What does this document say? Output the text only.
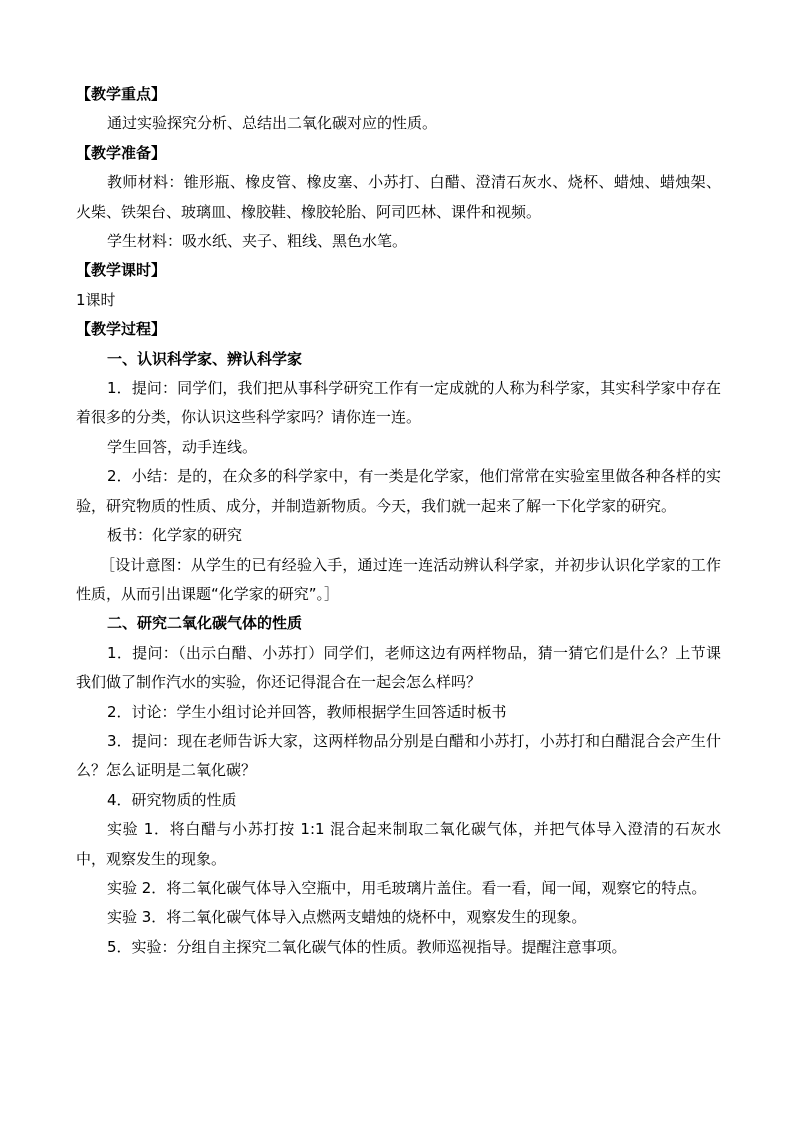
【教学重点】

通过实验探究分析、总结出二氧化碳对应的性质。

【教学准备】

教师材料：锥形瓶、橡皮管、橡皮塞、小苏打、白醋、澄清石灰水、烧杯、蜡烛、蜡烛架、火柴、铁架台、玻璃皿、橡胶鞋、橡胶轮胎、阿司匹林、课件和视频。

学生材料：吸水纸、夹子、粗线、黑色水笔。

【教学课时】

1课时

【教学过程】

一、认识科学家、辨认科学家

1．提问：同学们，我们把从事科学研究工作有一定成就的人称为科学家，其实科学家中存在着很多的分类，你认识这些科学家吗？请你连一连。

学生回答，动手连线。

2．小结：是的，在众多的科学家中，有一类是化学家，他们常常在实验室里做各种各样的实验，研究物质的性质、成分，并制造新物质。今天，我们就一起来了解一下化学家的研究。

板书：化学家的研究

［设计意图：从学生的已有经验入手，通过连一连活动辨认科学家，并初步认识化学家的工作性质，从而引出课题“化学家的研究”。］

二、研究二氧化碳气体的性质

1．提问：（出示白醋、小苏打）同学们，老师这边有两样物品，猜一猜它们是什么？上节课我们做了制作汽水的实验，你还记得混合在一起会怎么样吗？

2．讨论：学生小组讨论并回答，教师根据学生回答适时板书

3．提问：现在老师告诉大家，这两样物品分别是白醋和小苏打，小苏打和白醋混合会产生什么？怎么证明是二氧化碳？

4．研究物质的性质

实验 1．将白醋与小苏打按 1:1 混合起来制取二氧化碳气体，并把气体导入澄清的石灰水中，观察发生的现象。

实验 2．将二氧化碳气体导入空瓶中，用毛玻璃片盖住。看一看，闻一闻，观察它的特点。

实验 3．将二氧化碳气体导入点燃两支蜡烛的烧杯中，观察发生的现象。

5．实验：分组自主探究二氧化碳气体的性质。教师巡视指导。提醒注意事项。
